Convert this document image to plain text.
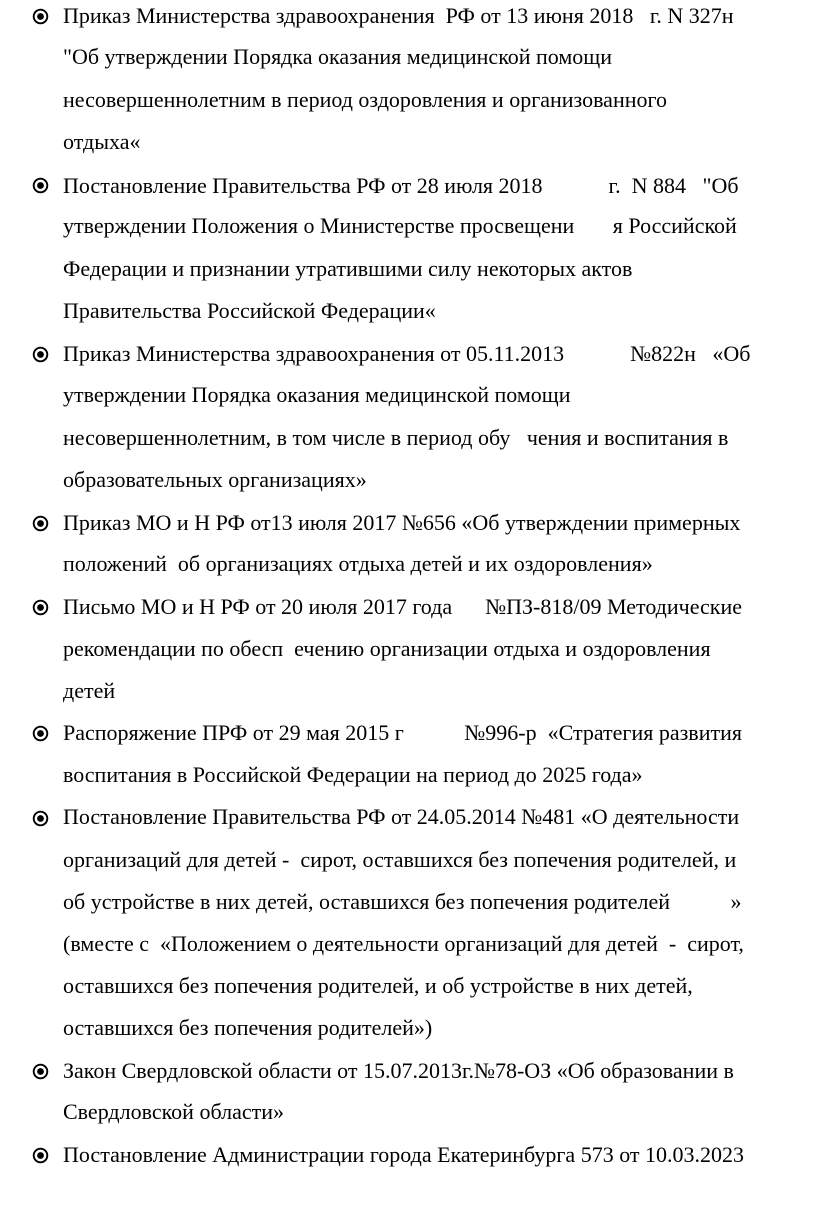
Приказ Министерства здравоохранения  РФ от 13 июня 2018   г. N 327н
"Об утверждении Порядка оказания медицинской помощи
несовершеннолетним в период оздоровления и организованного
отдыха«
Постановление Правительства РФ от 28 июля 2018            г.  N 884   "Об
утверждении Положения о Министерстве просвещени       я Российской
Федерации и признании утратившими силу некоторых актов
Правительства Российской Федерации«
Приказ Министерства здравоохранения от 05.11.2013            №822н   «Об
утверждении Порядка оказания медицинской помощи
несовершеннолетним, в том числе в период обу   чения и воспитания в
образовательных организациях»
Приказ МО и Н РФ от13 июля 2017 №656 «Об утверждении примерных
положений  об организациях отдыха детей и их оздоровления»
Письмо МО и Н РФ от 20 июля 2017 года      №ПЗ-818/09 Методические
рекомендации по обесп  ечению организации отдыха и оздоровления
детей
Распоряжение ПРФ от 29 мая 2015 г           №996-р  «Стратегия развития
воспитания в Российской Федерации на период до 2025 года»
Постановление Правительства РФ от 24.05.2014 №481 «О деятельности
организаций для детей -  сирот, оставшихся без попечения родителей, и
об устройстве в них детей, оставшихся без попечения родителей           »
(вместе с  «Положением о деятельности организаций для детей  -  сирот,
оставшихся без попечения родителей, и об устройстве в них детей,
оставшихся без попечения родителей»)
Закон Свердловской области от 15.07.2013г.№78-ОЗ «Об образовании в
Свердловской области»
Постановление Администрации города Екатеринбурга 573 от 10.03.2023
